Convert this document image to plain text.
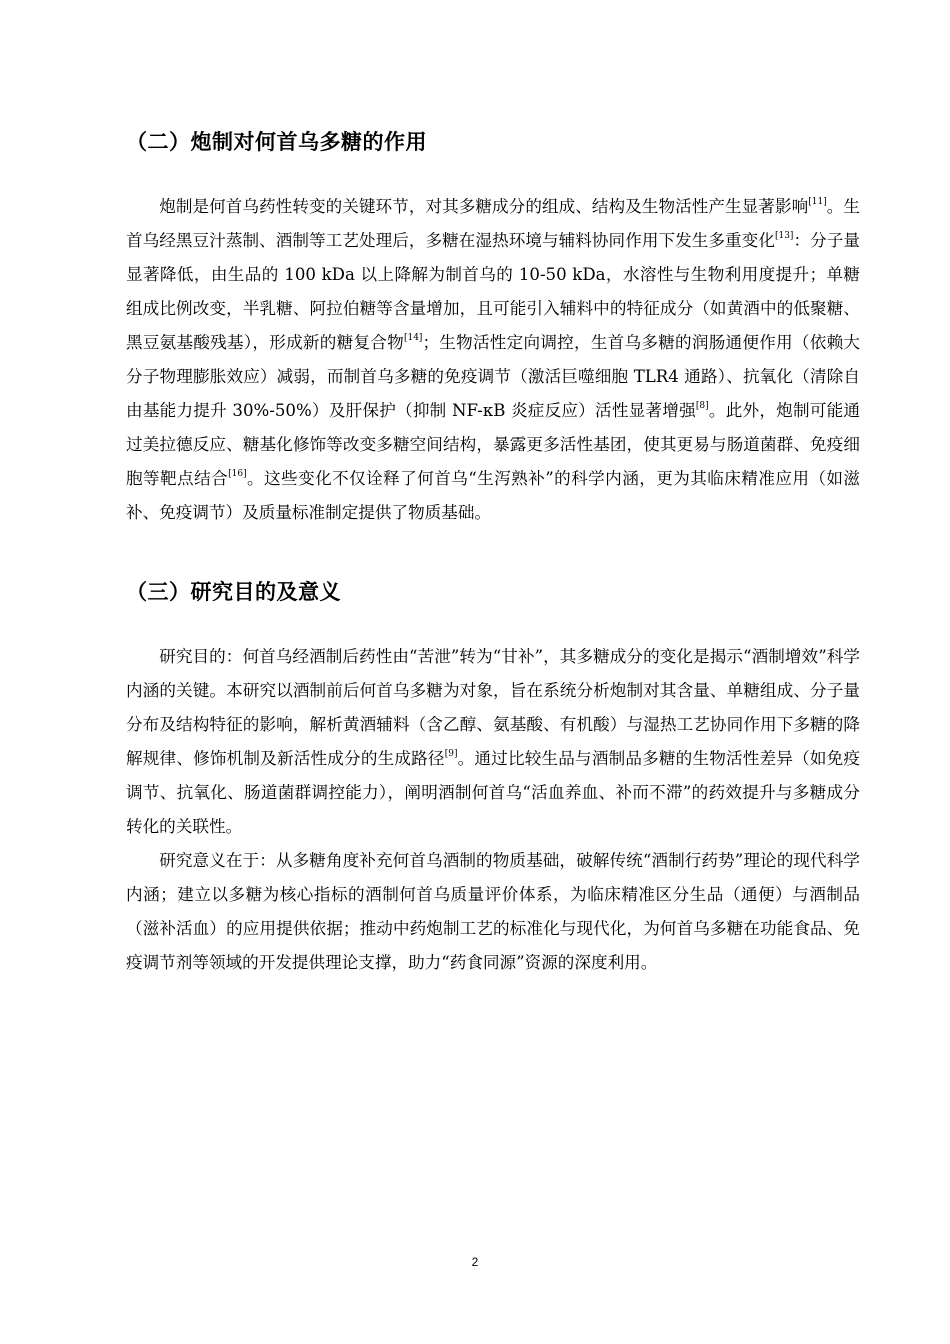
（二）炮制对何首乌多糖的作用

炮制是何首乌药性转变的关键环节，对其多糖成分的组成、结构及生物活性产生显著影响[11]。生首乌经黑豆汁蒸制、酒制等工艺处理后，多糖在湿热环境与辅料协同作用下发生多重变化[13]：分子量显著降低，由生品的 100 kDa 以上降解为制首乌的 10-50 kDa，水溶性与生物利用度提升；单糖组成比例改变，半乳糖、阿拉伯糖等含量增加，且可能引入辅料中的特征成分（如黄酒中的低聚糖、黑豆氨基酸残基），形成新的糖复合物[14]；生物活性定向调控，生首乌多糖的润肠通便作用（依赖大分子物理膨胀效应）减弱，而制首乌多糖的免疫调节（激活巨噬细胞 TLR4 通路）、抗氧化（清除自由基能力提升 30%-50%）及肝保护（抑制 NF-κB 炎症反应）活性显著增强[8]。此外，炮制可能通过美拉德反应、糖基化修饰等改变多糖空间结构，暴露更多活性基团，使其更易与肠道菌群、免疫细胞等靶点结合[16]。这些变化不仅诠释了何首乌“生泻熟补”的科学内涵，更为其临床精准应用（如滋补、免疫调节）及质量标准制定提供了物质基础。

（三）研究目的及意义

研究目的：何首乌经酒制后药性由“苦泄”转为“甘补”，其多糖成分的变化是揭示“酒制增效”科学内涵的关键。本研究以酒制前后何首乌多糖为对象，旨在系统分析炮制对其含量、单糖组成、分子量分布及结构特征的影响，解析黄酒辅料（含乙醇、氨基酸、有机酸）与湿热工艺协同作用下多糖的降解规律、修饰机制及新活性成分的生成路径[9]。通过比较生品与酒制品多糖的生物活性差异（如免疫调节、抗氧化、肠道菌群调控能力），阐明酒制何首乌“活血养血、补而不滞”的药效提升与多糖成分转化的关联性。

研究意义在于：从多糖角度补充何首乌酒制的物质基础，破解传统“酒制行药势”理论的现代科学内涵；建立以多糖为核心指标的酒制何首乌质量评价体系，为临床精准区分生品（通便）与酒制品（滋补活血）的应用提供依据；推动中药炮制工艺的标准化与现代化，为何首乌多糖在功能食品、免疫调节剂等领域的开发提供理论支撑，助力“药食同源”资源的深度利用。

2
